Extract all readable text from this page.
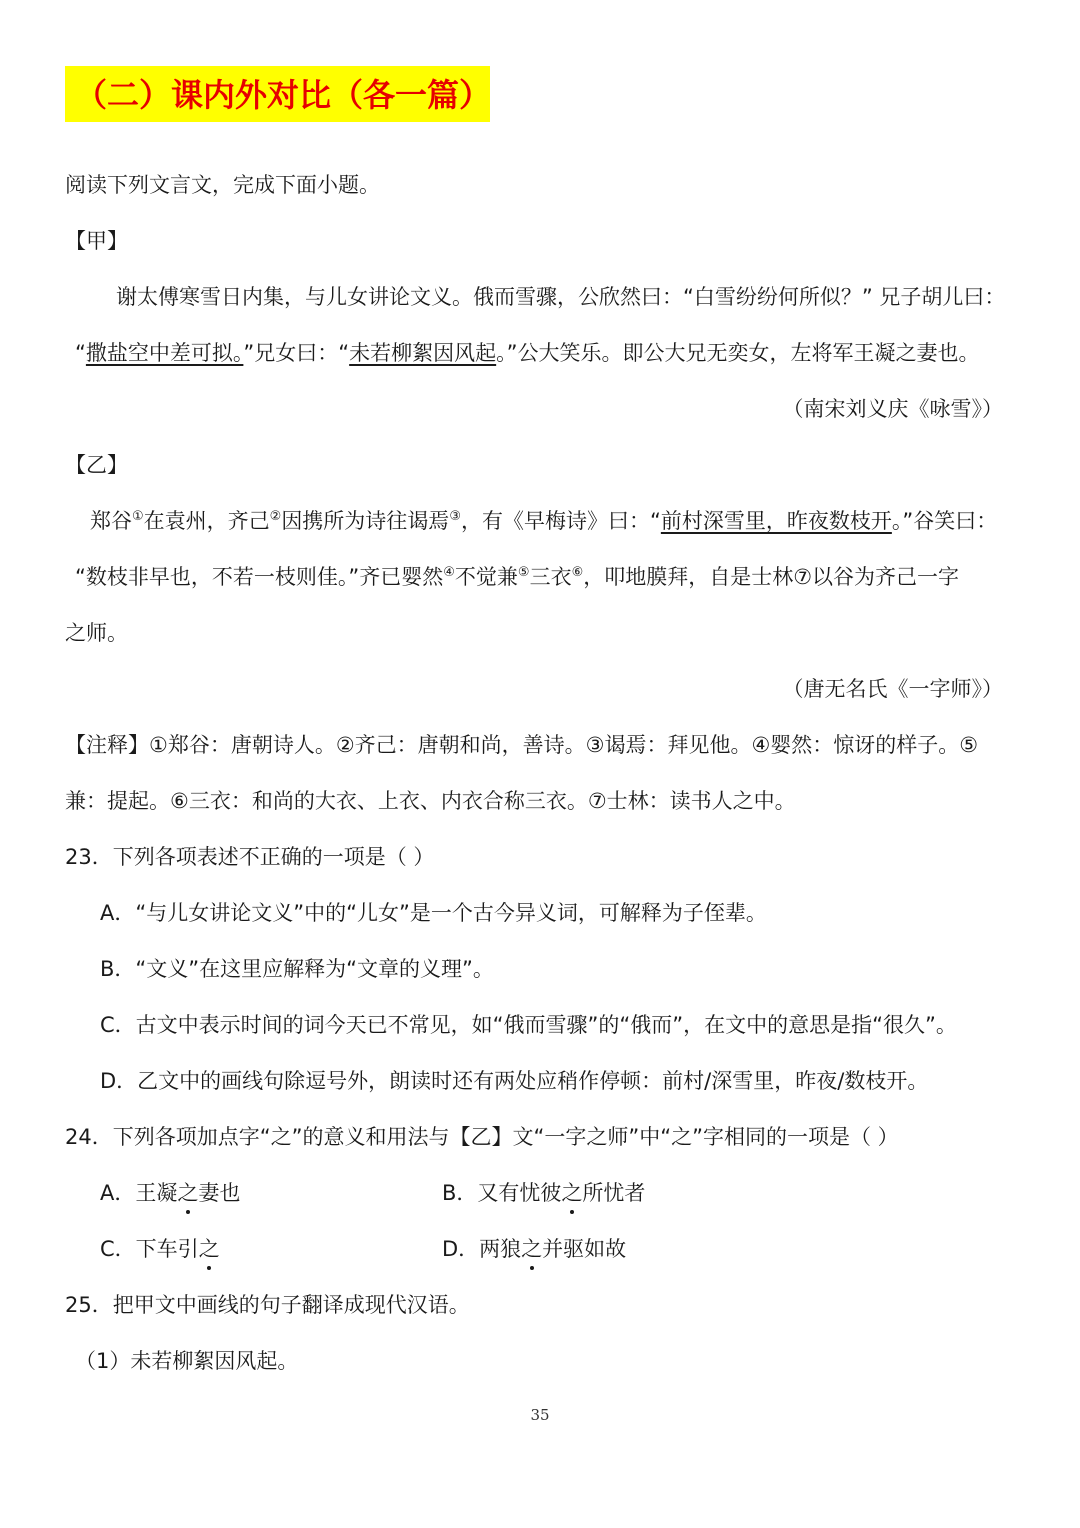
（二）课内外对比（各一篇）
阅读下列文言文，完成下面小题。
【甲】
谢太傅寒雪日内集，与儿女讲论文义。俄而雪骤，公欣然曰：“白雪纷纷何所似？” 兄子胡儿曰：
“撒盐空中差可拟。”兄女曰：“未若柳絮因风起。”公大笑乐。即公大兄无奕女，左将军王凝之妻也。
（南宋刘义庆《咏雪》）
【乙】
郑谷①在袁州，齐己②因携所为诗往谒焉③，有《早梅诗》曰：“前村深雪里，昨夜数枝开。”谷笑曰：
“数枝非早也，不若一枝则佳。”齐已婴然④不觉兼⑤三衣⑥，叩地膜拜，自是士林⑦以谷为齐己一字
之师。
（唐无名氏《一字师》）
【注释】①郑谷：唐朝诗人。②齐己：唐朝和尚，善诗。③谒焉：拜见他。④婴然：惊讶的样子。⑤
兼：提起。⑥三衣：和尚的大衣、上衣、内衣合称三衣。⑦士林：读书人之中。
23．下列各项表述不正确的一项是（ ）
A．“与儿女讲论文义”中的“儿女”是一个古今异义词，可解释为子侄辈。
B．“文义”在这里应解释为“文章的义理”。
C．古文中表示时间的词今天已不常见，如“俄而雪骤”的“俄而”，在文中的意思是指“很久”。
D．乙文中的画线句除逗号外，朗读时还有两处应稍作停顿：前村/深雪里，昨夜/数枝开。
24．下列各项加点字“之”的意义和用法与【乙】文“一字之师”中“之”字相同的一项是（ ）
A．王凝之妻也	B．又有忧彼之所忧者
C．下车引之	D．两狼之并驱如故
25．把甲文中画线的句子翻译成现代汉语。
（1）未若柳絮因风起。
35
